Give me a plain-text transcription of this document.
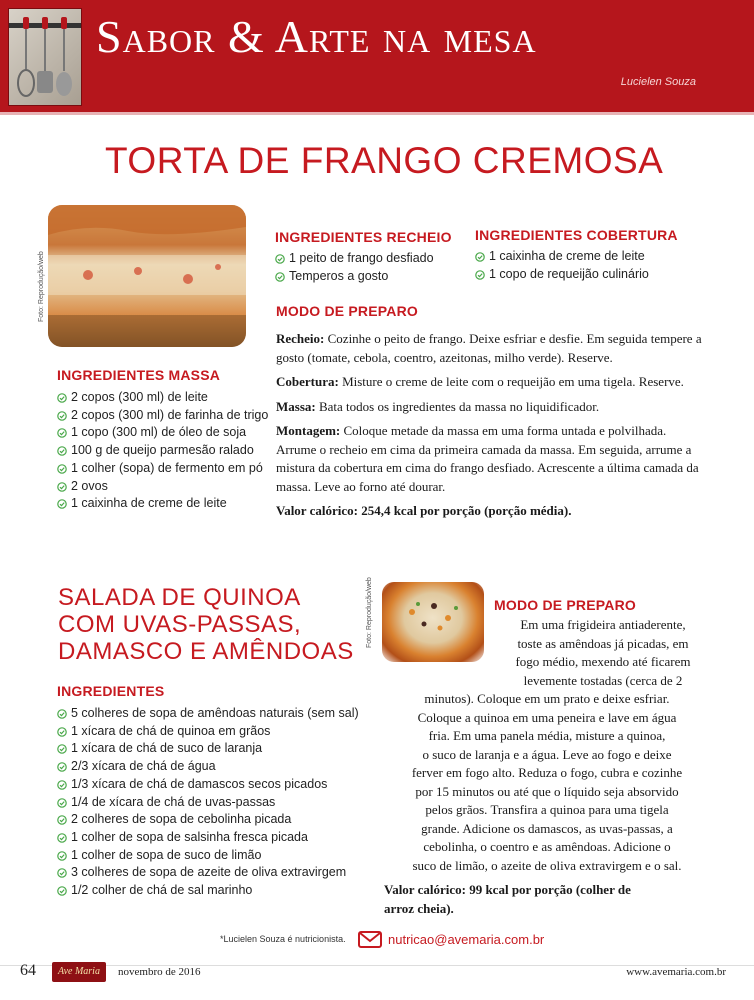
Sabor & Arte na mesa
Lucielen Souza
TORTA DE FRANGO CREMOSA
Foto: Reprodução/web
INGREDIENTES RECHEIO
1 peito de frango desfiado
Temperos a gosto
INGREDIENTES COBERTURA
1 caixinha de creme de leite
1 copo de requeijão culinário
MODO DE PREPARO

Recheio: Cozinhe o peito de frango. Deixe esfriar e desfie. Em seguida tempere a gosto (tomate, cebola, coentro, azeitonas, milho verde). Reserve.

Cobertura: Misture o creme de leite com o requeijão em uma tigela. Reserve.

Massa: Bata todos os ingredientes da massa no liquidificador.

Montagem: Coloque metade da massa em uma forma untada e polvilhada. Arrume o recheio em cima da primeira camada da massa. Em seguida, arrume a mistura da cobertura em cima do frango desfiado. Acrescente a última camada da massa. Leve ao forno até dourar.

Valor calórico: 254,4 kcal por porção (porção média).
INGREDIENTES MASSA
2 copos (300 ml) de leite
2 copos (300 ml) de farinha de trigo
1 copo (300 ml) de óleo de soja
100 g de queijo parmesão ralado
1 colher (sopa) de fermento em pó
2 ovos
1 caixinha de creme de leite
SALADA DE QUINOA
COM UVAS-PASSAS,
DAMASCO E AMÊNDOAS
Foto: Reprodução/web
INGREDIENTES
5 colheres de sopa de amêndoas naturais (sem sal)
1 xícara de chá de quinoa em grãos
1 xícara de chá de suco de laranja
2/3 xícara de chá de água
1/3 xícara de chá de damascos secos picados
1/4 de xícara de chá de uvas-passas
2 colheres de sopa de cebolinha picada
1 colher de sopa de salsinha fresca picada
1 colher de sopa de suco de limão
3 colheres de sopa de azeite de oliva extravirgem
1/2 colher de chá de sal marinho
MODO DE PREPARO
Em uma frigideira antiaderente,
toste as amêndoas já picadas, em
fogo médio, mexendo até ficarem
levemente tostadas (cerca de 2
minutos). Coloque em um prato e deixe esfriar.
Coloque a quinoa em uma peneira e lave em água
fria. Em uma panela média, misture a quinoa,
o suco de laranja e a água. Leve ao fogo e deixe
ferver em fogo alto. Reduza o fogo, cubra e cozinhe
por 15 minutos ou até que o líquido seja absorvido
pelos grãos. Transfira a quinoa para uma tigela
grande. Adicione os damascos, as uvas-passas, a
cebolinha, o coentro e as amêndoas. Adicione o
suco de limão, o azeite de oliva extravirgem e o sal.
Valor calórico: 99 kcal por porção (colher de
arroz cheia).
*Lucielen Souza é nutricionista.	nutricao@avemaria.com.br
64	Ave Maria	novembro de 2016	www.avemaria.com.br
